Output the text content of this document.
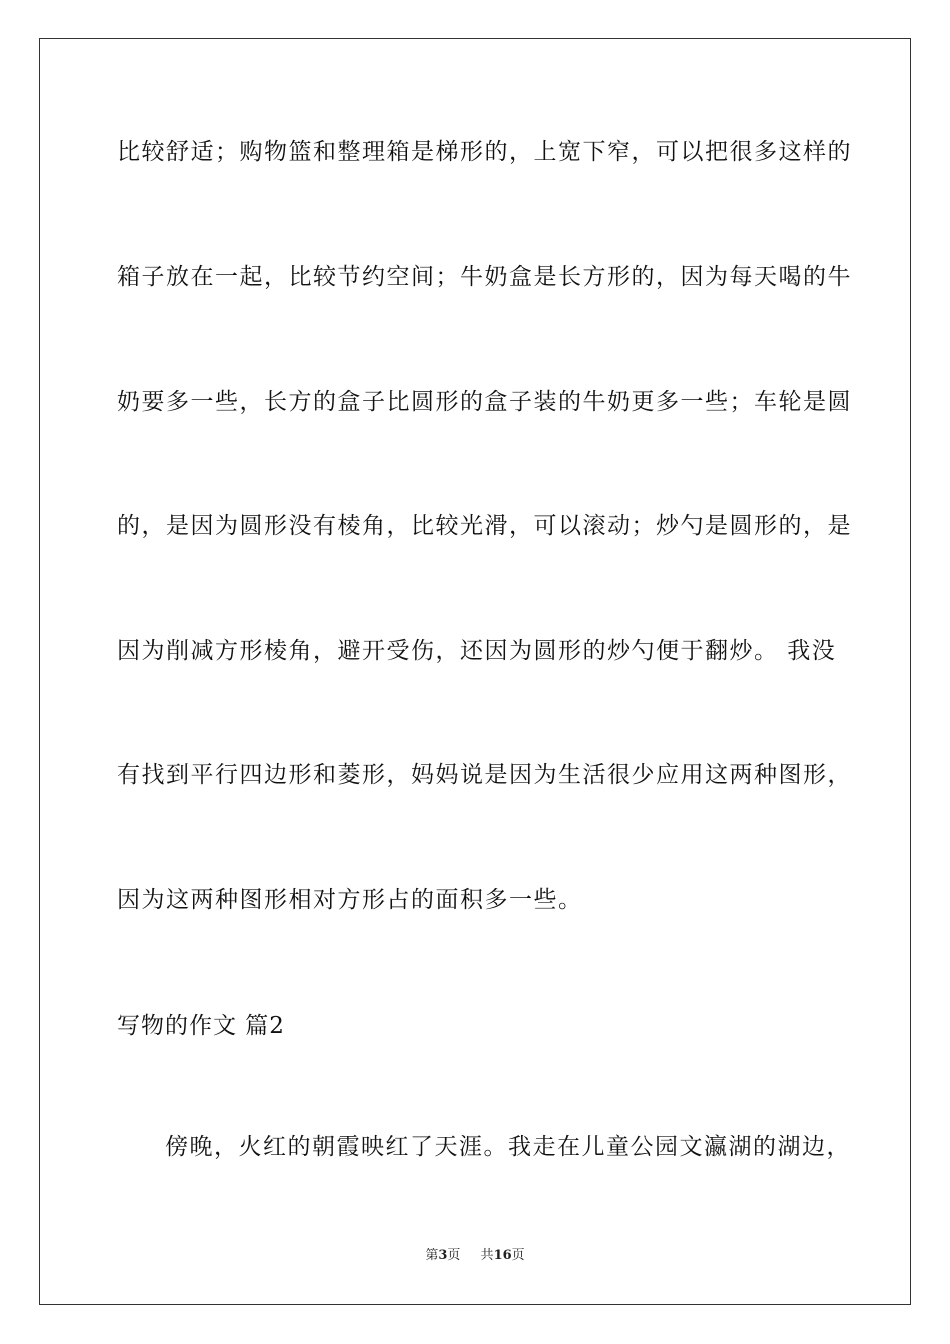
比较舒适；购物篮和整理箱是梯形的，上宽下窄，可以把很多这样的
箱子放在一起，比较节约空间；牛奶盒是长方形的，因为每天喝的牛
奶要多一些，长方的盒子比圆形的盒子装的牛奶更多一些；车轮是圆
的，是因为圆形没有棱角，比较光滑，可以滚动；炒勺是圆形的，是
因为削减方形棱角，避开受伤，还因为圆形的炒勺便于翻炒。 我没
有找到平行四边形和菱形，妈妈说是因为生活很少应用这两种图形，
因为这两种图形相对方形占的面积多一些。
写物的作文 篇2
傍晚，火红的朝霞映红了天涯。我走在儿童公园文瀛湖的湖边，
第3页 共16页
